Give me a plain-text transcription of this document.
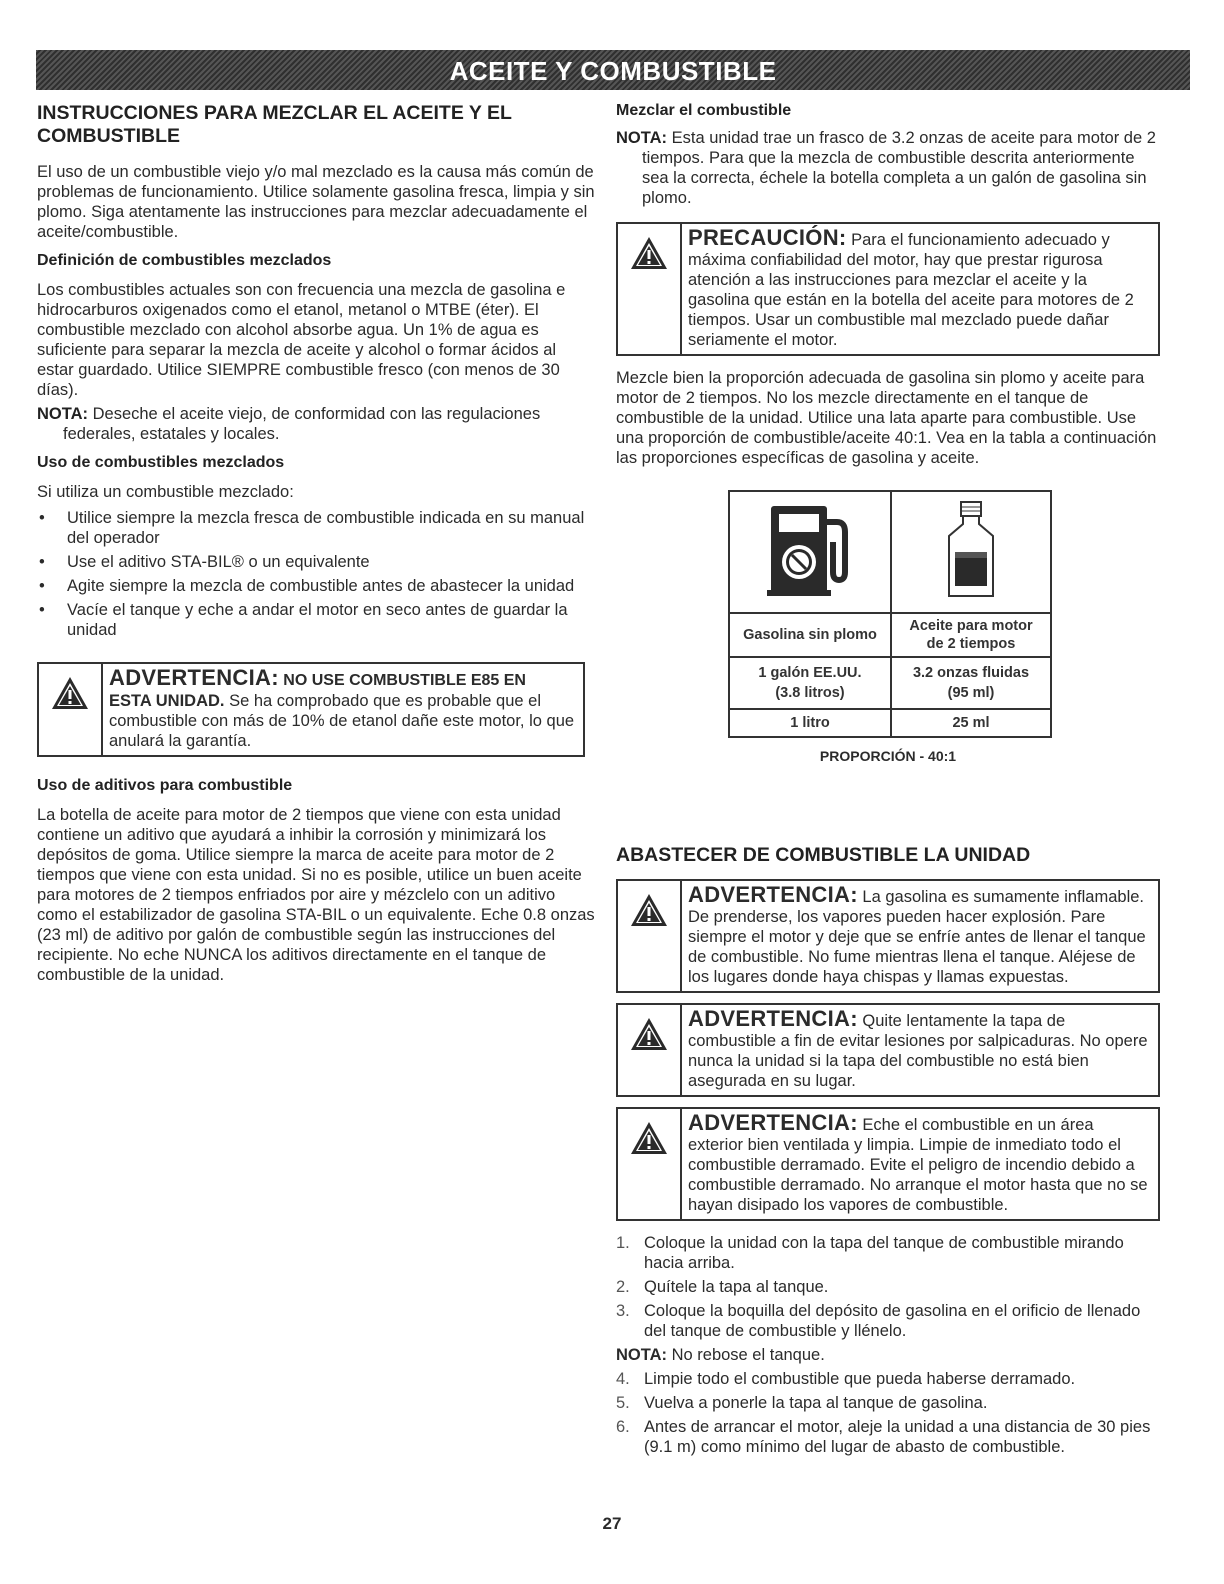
ACEITE Y COMBUSTIBLE
INSTRUCCIONES PARA MEZCLAR EL ACEITE Y EL COMBUSTIBLE

El uso de un combustible viejo y/o mal mezclado es la causa más común de problemas de funcionamiento. Utilice solamente gasolina fresca, limpia y sin plomo. Siga atentamente las instrucciones para mezclar adecuadamente el aceite/combustible.

Definición de combustibles mezclados

Los combustibles actuales son con frecuencia una mezcla de gasolina e hidrocarburos oxigenados como el etanol, metanol o MTBE (éter). El combustible mezclado con alcohol absorbe agua. Un 1% de agua es suficiente para separar la mezcla de aceite y alcohol o formar ácidos al estar guardado. Utilice SIEMPRE combustible fresco (con menos de 30 días).

NOTA: Deseche el aceite viejo, de conformidad con las regulaciones federales, estatales y locales.

Uso de combustibles mezclados

Si utiliza un combustible mezclado:

• Utilice siempre la mezcla fresca de combustible indicada en su manual del operador
• Use el aditivo STA-BIL® o un equivalente
• Agite siempre la mezcla de combustible antes de abastecer la unidad
• Vacíe el tanque y eche a andar el motor en seco antes de guardar la unidad
ADVERTENCIA: NO USE COMBUSTIBLE E85 EN
ESTA UNIDAD. Se ha comprobado que es probable que el combustible con más de 10% de etanol dañe este motor, lo que anulará la garantía.
Uso de aditivos para combustible

La botella de aceite para motor de 2 tiempos que viene con esta unidad contiene un aditivo que ayudará a inhibir la corrosión y minimizará los depósitos de goma. Utilice siempre la marca de aceite para motor de 2 tiempos que viene con esta unidad. Si no es posible, utilice un buen aceite para motores de 2 tiempos enfriados por aire y mézclelo con un aditivo como el estabilizador de gasolina STA-BIL o un equivalente. Eche 0.8 onzas (23 ml) de aditivo por galón de combustible según las instrucciones del recipiente. No eche NUNCA los aditivos directamente en el tanque de combustible de la unidad.

Mezclar el combustible

NOTA: Esta unidad trae un frasco de 3.2 onzas de aceite para motor de 2 tiempos. Para que la mezcla de combustible descrita anteriormente sea la correcta, échele la botella completa a un galón de gasolina sin plomo.

PRECAUCIÓN: Para el funcionamiento adecuado y máxima confiabilidad del motor, hay que prestar rigurosa atención a las instrucciones para mezclar el aceite y la gasolina que están en la botella del aceite para motores de 2 tiempos. Usar un combustible mal mezclado puede dañar seriamente el motor.

Mezcle bien la proporción adecuada de gasolina sin plomo y aceite para motor de 2 tiempos. No los mezcle directamente en el tanque de combustible de la unidad. Utilice una lata aparte para combustible. Use una proporción de combustible/aceite 40:1. Vea en la tabla a continuación las proporciones específicas de gasolina y aceite.

Gasolina sin plomo	Aceite para motor de 2 tiempos
1 galón EE.UU.
(3.8 litros)	3.2 onzas fluidas
(95 ml)
1 litro	25 ml
PROPORCIÓN - 40:1
ABASTECER DE COMBUSTIBLE LA UNIDAD
ADVERTENCIA: La gasolina es sumamente inflamable. De prenderse, los vapores pueden hacer explosión. Pare siempre el motor y deje que se enfríe antes de llenar el tanque de combustible. No fume mientras llena el tanque. Aléjese de los lugares donde haya chispas y llamas expuestas.
ADVERTENCIA: Quite lentamente la tapa de combustible a fin de evitar lesiones por salpicaduras. No opere nunca la unidad si la tapa del combustible no está bien asegurada en su lugar.
ADVERTENCIA: Eche el combustible en un área exterior bien ventilada y limpia. Limpie de inmediato todo el combustible derramado. Evite el peligro de incendio debido a combustible derramado. No arranque el motor hasta que no se hayan disipado los vapores de combustible.
1. Coloque la unidad con la tapa del tanque de combustible mirando hacia arriba.
2. Quítele la tapa al tanque.
3. Coloque la boquilla del depósito de gasolina en el orificio de llenado del tanque de combustible y llénelo.

NOTA: No rebose el tanque.

4. Limpie todo el combustible que pueda haberse derramado.
5. Vuelva a ponerle la tapa al tanque de gasolina.
6. Antes de arrancar el motor, aleje la unidad a una distancia de 30 pies (9.1 m) como mínimo del lugar de abasto de combustible.
27
